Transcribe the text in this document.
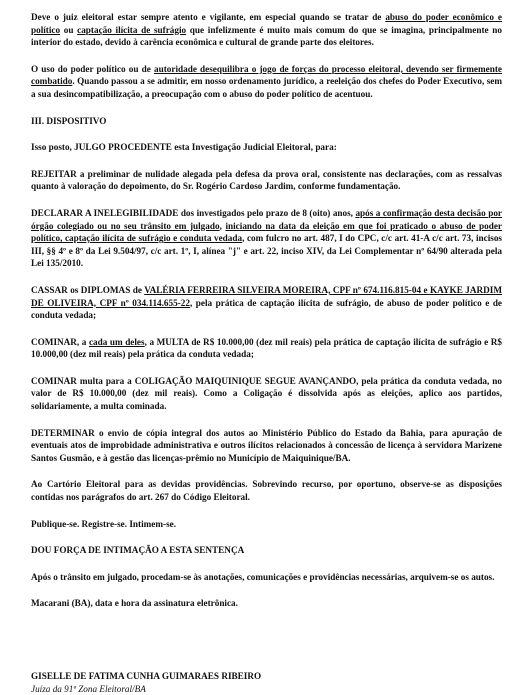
Deve o juiz eleitoral estar sempre atento e vigilante, em especial quando se tratar de abuso do poder econômico e político ou captação ilícita de sufrágio que infelizmente é muito mais comum do que se imagina, principalmente no interior do estado, devido à carência econômica e cultural de grande parte dos eleitores.

O uso do poder político ou de autoridade desequilibra o jogo de forças do processo eleitoral, devendo ser firmemente combatido. Quando passou a se admitir, em nosso ordenamento jurídico, a reeleição dos chefes do Poder Executivo, sem a sua desincompatibilização, a preocupação com o abuso do poder político de acentuou.

III. DISPOSITIVO

Isso posto, JULGO PROCEDENTE esta Investigação Judicial Eleitoral, para:

REJEITAR a preliminar de nulidade alegada pela defesa da prova oral, consistente nas declarações, com as ressalvas quanto à valoração do depoimento, do Sr. Rogério Cardoso Jardim, conforme fundamentação.

DECLARAR A INELEGIBILIDADE dos investigados pelo prazo de 8 (oito) anos, após a confirmação desta decisão por órgão colegiado ou no seu trânsito em julgado, iniciando na data da eleição em que foi praticado o abuso de poder político, captação ilícita de sufrágio e conduta vedada, com fulcro no art. 487, I do CPC, c/c art. 41-A c/c art. 73, incisos III, §§ 4º e 8º da Lei 9.504/97, c/c art. 1º, I, alínea "j" e art. 22, inciso XIV, da Lei Complementar nº 64/90 alterada pela Lei 135/2010.

CASSAR os DIPLOMAS de VALÉRIA FERREIRA SILVEIRA MOREIRA, CPF nº 674.116.815-04 e KAYKE JARDIM DE OLIVEIRA, CPF nº 034.114.655-22, pela prática de captação ilícita de sufrágio, de abuso de poder político e de conduta vedada;

COMINAR, a cada um deles, a MULTA de R$ 10.000,00 (dez mil reais) pela prática de captação ilícita de sufrágio e R$ 10.000,00 (dez mil reais) pela prática da conduta vedada;

COMINAR multa para a COLIGAÇÃO MAIQUINIQUE SEGUE AVANÇANDO, pela prática da conduta vedada, no valor de R$ 10.000,00 (dez mil reais). Como a Coligação é dissolvida após as eleições, aplico aos partidos, solidariamente, a multa cominada.

DETERMINAR o envio de cópia integral dos autos ao Ministério Público do Estado da Bahia, para apuração de eventuais atos de improbidade administrativa e outros ilícitos relacionados à concessão de licença à servidora Marizene Santos Gusmão, e à gestão das licenças-prêmio no Município de Maiquinique/BA.

Ao Cartório Eleitoral para as devidas providências. Sobrevindo recurso, por oportuno, observe-se as disposições contidas nos parágrafos do art. 267 do Código Eleitoral.

Publique-se. Registre-se. Intimem-se.

DOU FORÇA DE INTIMAÇÃO A ESTA SENTENÇA

Após o trânsito em julgado, procedam-se às anotações, comunicações e providências necessárias, arquivem-se os autos.

Macarani (BA), data e hora da assinatura eletrônica.

GISELLE DE FATIMA CUNHA GUIMARAES RIBEIRO

Juíza da 91ª Zona Eleitoral/BA
